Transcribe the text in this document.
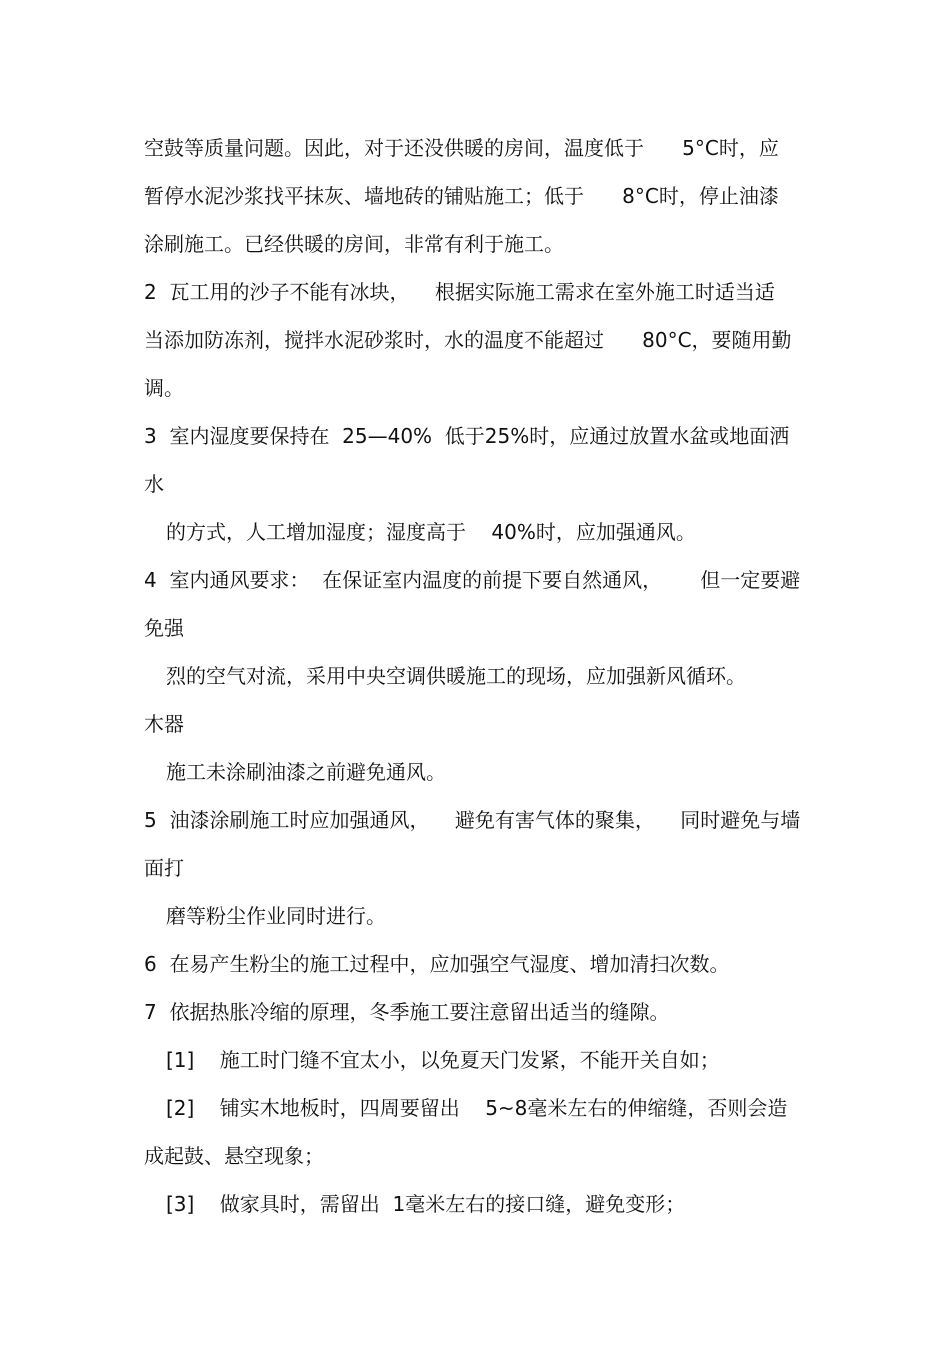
空鼓等质量问题。因此，对于还没供暖的房间，温度低于      5°C时，应
暂停水泥沙浆找平抹灰、墙地砖的铺贴施工；低于      8°C时，停止油漆
涂刷施工。已经供暖的房间，非常有利于施工。
2  瓦工用的沙子不能有冰块，    根据实际施工需求在室外施工时适当适
当添加防冻剂，搅拌水泥砂浆时，水的温度不能超过      80°C，要随用勤
调。
3  室内湿度要保持在  25—40%  低于25%时，应通过放置水盆或地面洒
水
的方式，人工增加湿度；湿度高于    40%时，应加强通风。
4  室内通风要求：  在保证室内温度的前提下要自然通风，      但一定要避
免强
烈的空气对流，采用中央空调供暖施工的现场，应加强新风循环。
木器
施工未涂刷油漆之前避免通风。
5  油漆涂刷施工时应加强通风，    避免有害气体的聚集，    同时避免与墙
面打
磨等粉尘作业同时进行。
6  在易产生粉尘的施工过程中，应加强空气湿度、增加清扫次数。
7  依据热胀冷缩的原理，冬季施工要注意留出适当的缝隙。
[1]    施工时门缝不宜太小，以免夏天门发紧，不能开关自如；
[2]    铺实木地板时，四周要留出    5~8毫米左右的伸缩缝，否则会造
成起鼓、悬空现象；
[3]    做家具时，需留出  1毫米左右的接口缝，避免变形；
